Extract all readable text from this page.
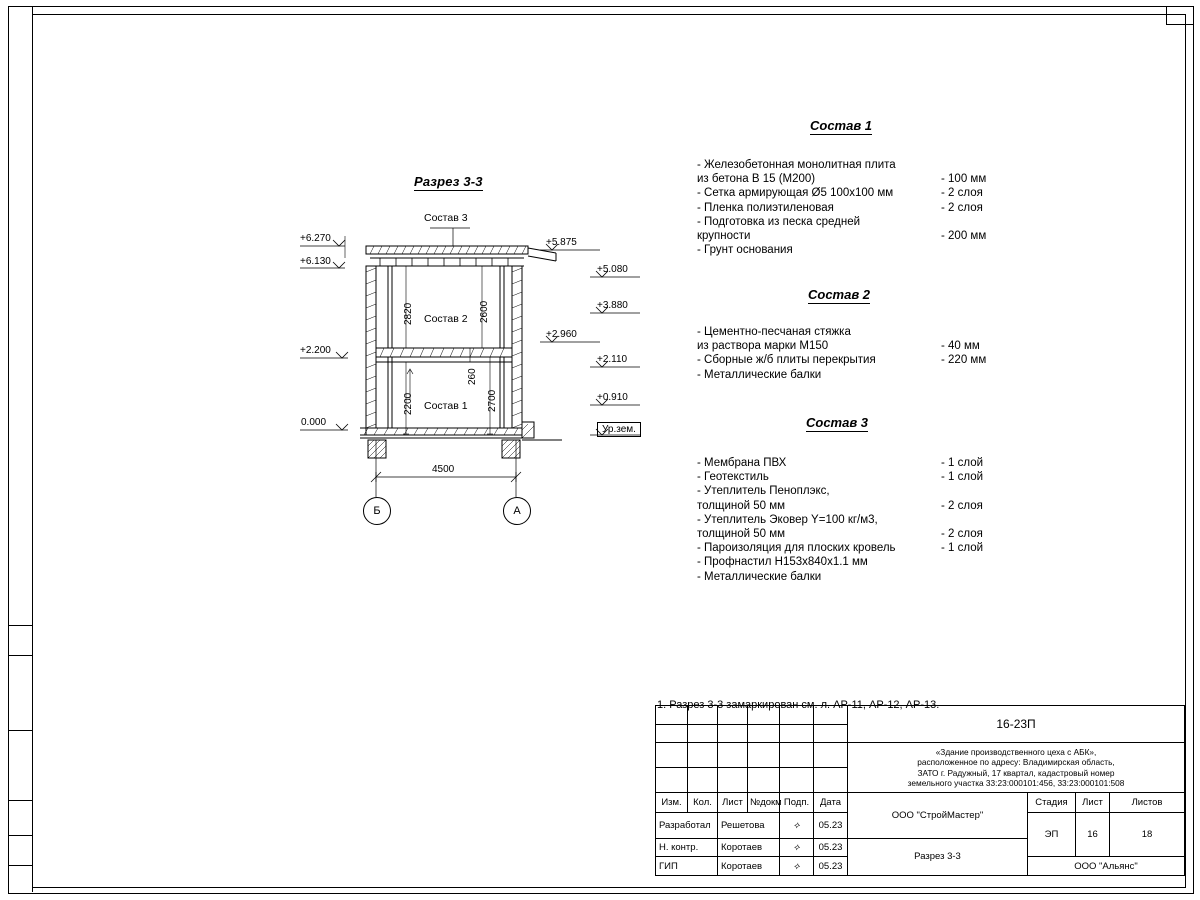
Разрез 3-3
+6.270
+6.130
+2.200
0.000
+5.875
+5.080
+3.880
+2.960
+2.110
+0.910
Ур.зем.
2820	2600
2200	2700
260
4500
Состав 3
Состав 2
Состав 1
Б	А
Состав 1
- Железобетонная монолитная плита
из бетона В 15 (М200)	- 100 мм
- Сетка армирующая Ø5 100х100 мм	- 2 слоя
- Пленка полиэтиленовая	- 2 слоя
- Подготовка из песка средней
крупности	- 200 мм
- Грунт основания
Состав 2
- Цементно-песчаная стяжка
из раствора марки М150	- 40 мм
- Сборные ж/б плиты перекрытия	- 220 мм
- Металлические балки
Состав 3
- Мембрана ПВХ	- 1 слой
- Геотекстиль	- 1 слой
- Утеплитель Пеноплэкс,
толщиной 50 мм	- 2 слоя
- Утеплитель Эковер Y=100 кг/м3,
толщиной 50 мм	- 2 слоя
- Пароизоляция для плоских кровель	- 1 слой
- Профнастил Н153х840х1.1 мм
- Металлические балки
1. Разрез 3-3 замаркирован см. л. АР-11, АР-12, АР-13.
						16-23П			

						«Здание производственного цеха с АБК»,
расположенное по адресу: Владимирская область,
ЗАТО г. Радужный, 17 квартал, кадастровый номер
земельного участка 33:23:000101:456, 33:23:000101:508			

Изм.	Кол.	Лист	№докм	Подп.	Дата	ООО "СтройМастер"	Стадия	Лист	Листов
Разработал		Решетова		⟡	05.23		ЭП	16	18
Н. контр.		Коротаев		⟡	05.23	Разрез 3-3			
ГИП		Коротаев		⟡	05.23		ООО "Альянс"		
